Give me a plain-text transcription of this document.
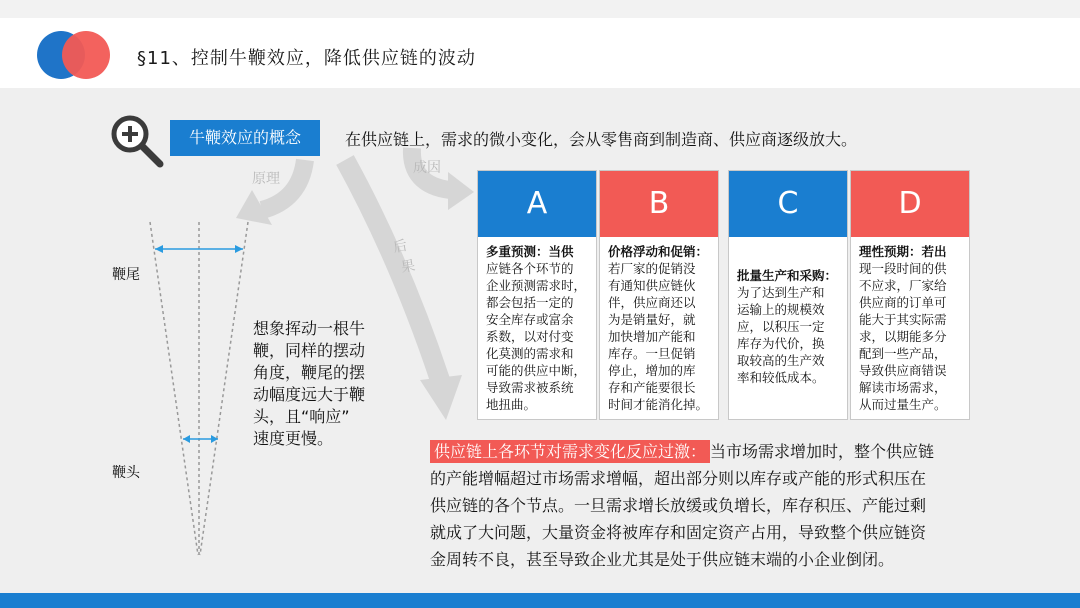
§11、控制牛鞭效应，降低供应链的波动
牛鞭效应的概念	在供应链上，需求的微小变化，会从零售商到制造商、供应商逐级放大。
原理
成因
后
果
鞭尾
鞭头
想象挥动一根牛
鞭，同样的摆动
角度，鞭尾的摆
动幅度远大于鞭
头，且“响应”
速度更慢。
A
多重预测：当供
应链各个环节的
企业预测需求时，
都会包括一定的
安全库存或富余
系数，以对付变
化莫测的需求和
可能的供应中断，
导致需求被系统
地扭曲。
B
价格浮动和促销：
若厂家的促销没
有通知供应链伙
伴，供应商还以
为是销量好，就
加快增加产能和
库存。一旦促销
停止，增加的库
存和产能要很长
时间才能消化掉。
C
批量生产和采购：
为了达到生产和
运输上的规模效
应，以积压一定
库存为代价，换
取较高的生产效
率和较低成本。
D
理性预期：若出
现一段时间的供
不应求，厂家给
供应商的订单可
能大于其实际需
求，以期能多分
配到一些产品，
导致供应商错误
解读市场需求，
从而过量生产。
供应链上各环节对需求变化反应过激： 当市场需求增加时，整个供应链
的产能增幅超过市场需求增幅，超出部分则以库存或产能的形式积压在
供应链的各个节点。一旦需求增长放缓或负增长，库存积压、产能过剩
就成了大问题，大量资金将被库存和固定资产占用，导致整个供应链资
金周转不良，甚至导致企业尤其是处于供应链末端的小企业倒闭。
